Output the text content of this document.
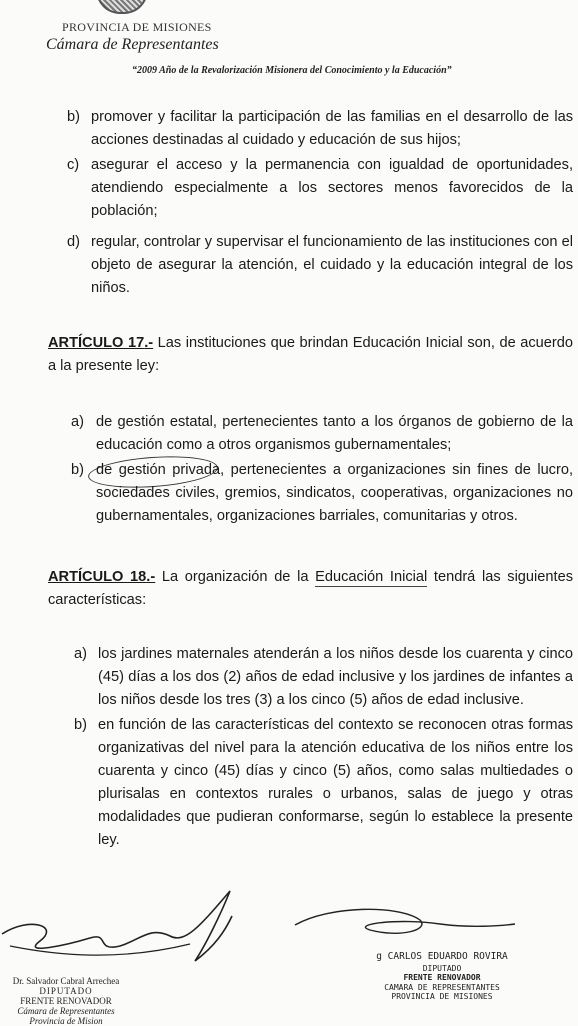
PROVINCIA DE MISIONES
Cámara de Representantes
“2009 Año de la Revalorización Misionera del Conocimiento y la Educación”
b) promover y facilitar la participación de las familias en el desarrollo de las acciones destinadas al cuidado y educación de sus hijos;
c) asegurar el acceso y la permanencia con igualdad de oportunidades, atendiendo especialmente a los sectores menos favorecidos de la población;
d) regular, controlar y supervisar el funcionamiento de las instituciones con el objeto de asegurar la atención, el cuidado y la educación integral de los niños.
ARTÍCULO 17.- Las instituciones que brindan Educación Inicial son, de acuerdo a la presente ley:
a) de gestión estatal, pertenecientes tanto a los órganos de gobierno de la educación como a otros organismos gubernamentales;
b) de gestión privada, pertenecientes a organizaciones sin fines de lucro, sociedades civiles, gremios, sindicatos, cooperativas, organizaciones no gubernamentales, organizaciones barriales, comunitarias y otros.
ARTÍCULO 18.- La organización de la Educación Inicial tendrá las siguientes características:
a) los jardines maternales atenderán a los niños desde los cuarenta y cinco (45) días a los dos (2) años de edad inclusive y los jardines de infantes a los niños desde los tres (3) a los cinco (5) años de edad inclusive.
b) en función de las características del contexto se reconocen otras formas organizativas del nivel para la atención educativa de los niños entre los cuarenta y cinco (45) días y cinco (5) años, como salas multiedades o plurisalas en contextos rurales o urbanos, salas de juego y otras modalidades que pudieran conformarse, según lo establece la presente ley.
Dr. Salvador Cabral Arrechea
DIPUTADO
FRENTE RENOVADOR
Cámara de Representantes
Provincia de Mision
g CARLOS EDUARDO ROVIRA
DIPUTADO
FRENTE RENOVADOR
CAMARA DE REPRESENTANTES
PROVINCIA DE MISIONES
